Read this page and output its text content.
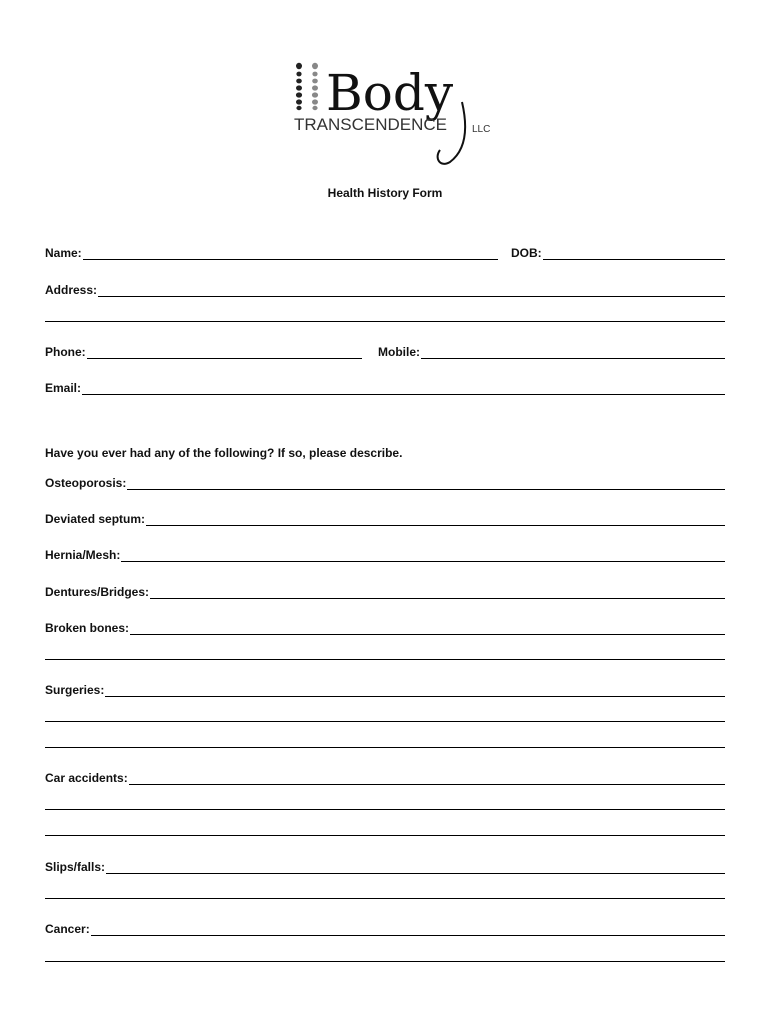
Body
TRANSCENDENCE LLC
Health History Form
Name:	DOB:
Address:
Phone:	Mobile:
Email:
Have you ever had any of the following? If so, please describe.
Osteoporosis:
Deviated septum:
Hernia/Mesh:
Dentures/Bridges:
Broken bones:
Surgeries:
Car accidents:
Slips/falls:
Cancer:
